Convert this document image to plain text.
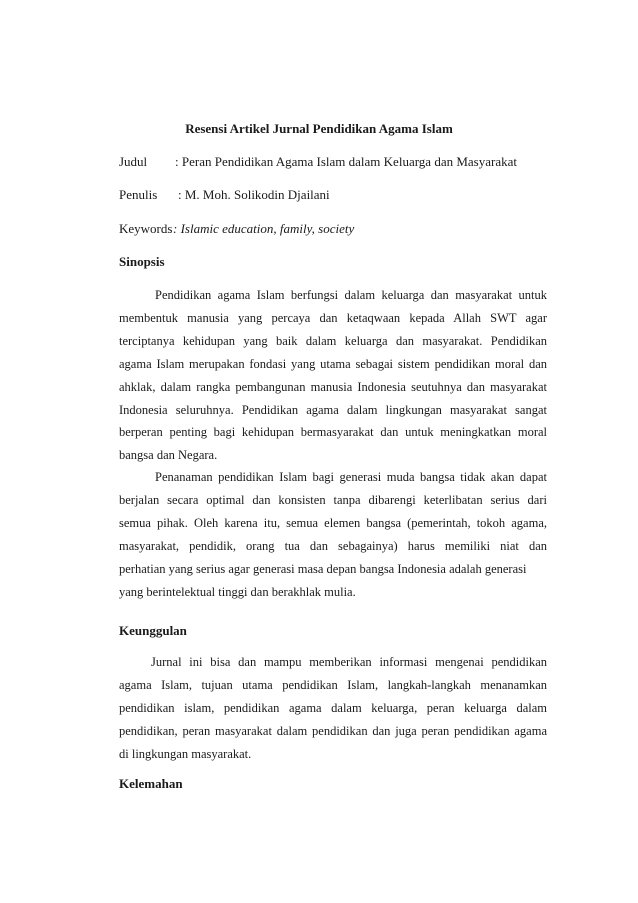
Resensi Artikel Jurnal Pendidikan Agama Islam
Judul : Peran Pendidikan Agama Islam dalam Keluarga dan Masyarakat
Penulis : M. Moh. Solikodin Djailani
Keywords : Islamic education, family, society
Sinopsis
Pendidikan agama Islam berfungsi dalam keluarga dan masyarakat untuk
membentuk manusia yang percaya dan ketaqwaan kepada Allah SWT agar
terciptanya kehidupan yang baik dalam keluarga dan masyarakat. Pendidikan
agama Islam merupakan fondasi yang utama sebagai sistem pendidikan moral dan
ahklak, dalam rangka pembangunan manusia Indonesia seutuhnya dan masyarakat
Indonesia seluruhnya. Pendidikan agama dalam lingkungan masyarakat sangat
berperan penting bagi kehidupan bermasyarakat dan untuk meningkatkan moral
bangsa dan Negara.
Penanaman pendidikan Islam bagi generasi muda bangsa tidak akan dapat
berjalan secara optimal dan konsisten tanpa dibarengi keterlibatan serius dari
semua pihak. Oleh karena itu, semua elemen bangsa (pemerintah, tokoh agama,
masyarakat, pendidik, orang tua dan sebagainya) harus memiliki niat dan
perhatian yang serius agar generasi masa depan bangsa Indonesia adalah generasi
yang berintelektual tinggi dan berakhlak mulia.
Keunggulan
Jurnal ini bisa dan mampu memberikan informasi mengenai pendidikan
agama Islam, tujuan utama pendidikan Islam, langkah-langkah menanamkan
pendidikan islam, pendidikan agama dalam keluarga, peran keluarga dalam
pendidikan, peran masyarakat dalam pendidikan dan juga peran pendidikan agama
di lingkungan masyarakat.
Kelemahan
